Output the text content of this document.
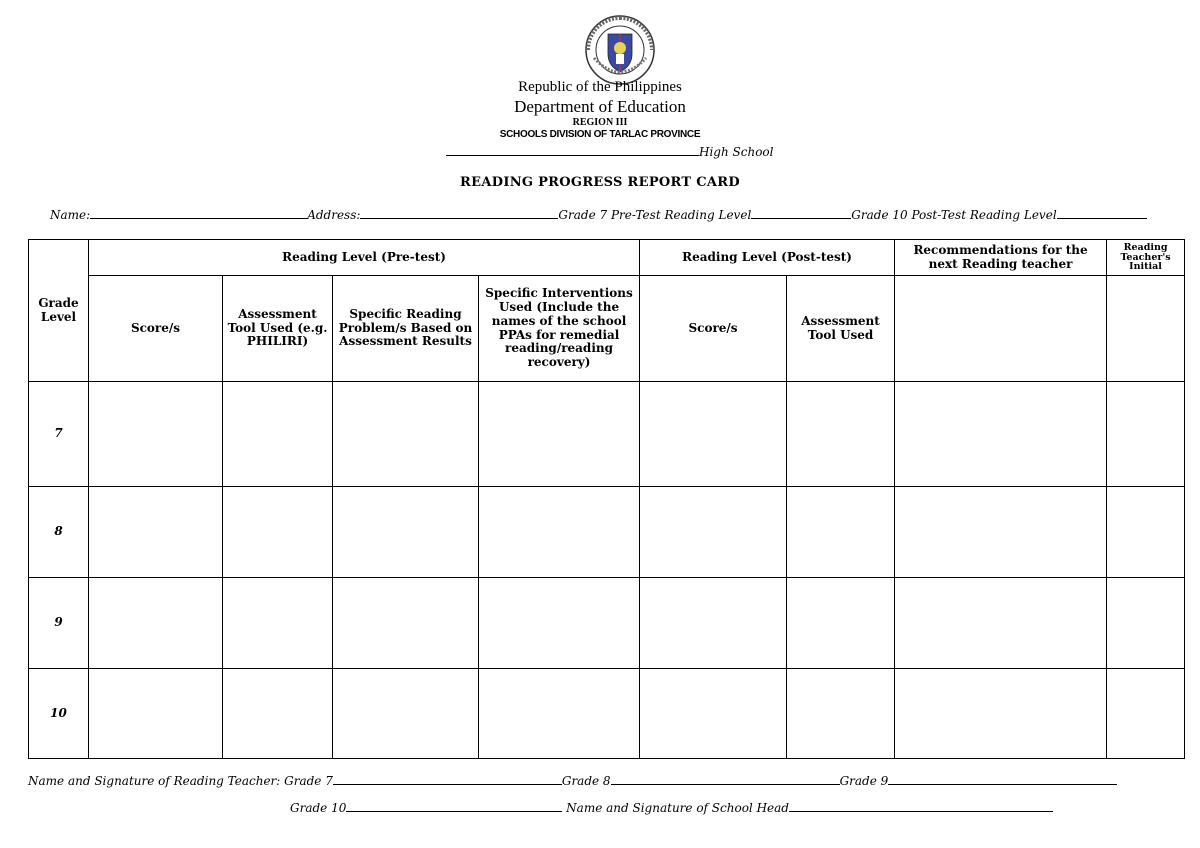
Republic of the Philippines
Department of Education
REGION III
SCHOOLS DIVISION OF TARLAC PROVINCE
High School
READING PROGRESS REPORT CARD
Name:	Address:	Grade 7 Pre-Test Reading Level	Grade 10 Post-Test Reading Level
Grade Level	Reading Level (Pre-test)				Reading Level (Post-test)		Recommendations for the next Reading teacher	Reading Teacher's Initial
	Score/s	Assessment Tool Used (e.g. PHILIRI)	Specific Reading Problem/s Based on Assessment Results	Specific Interventions Used (Include the names of the school PPAs for remedial reading/reading recovery)	Score/s	Assessment Tool Used		
7								
8								
9								
10								
Name and Signature of Reading Teacher: Grade 7	Grade 8	Grade 9
Grade 10	Name and Signature of School Head
